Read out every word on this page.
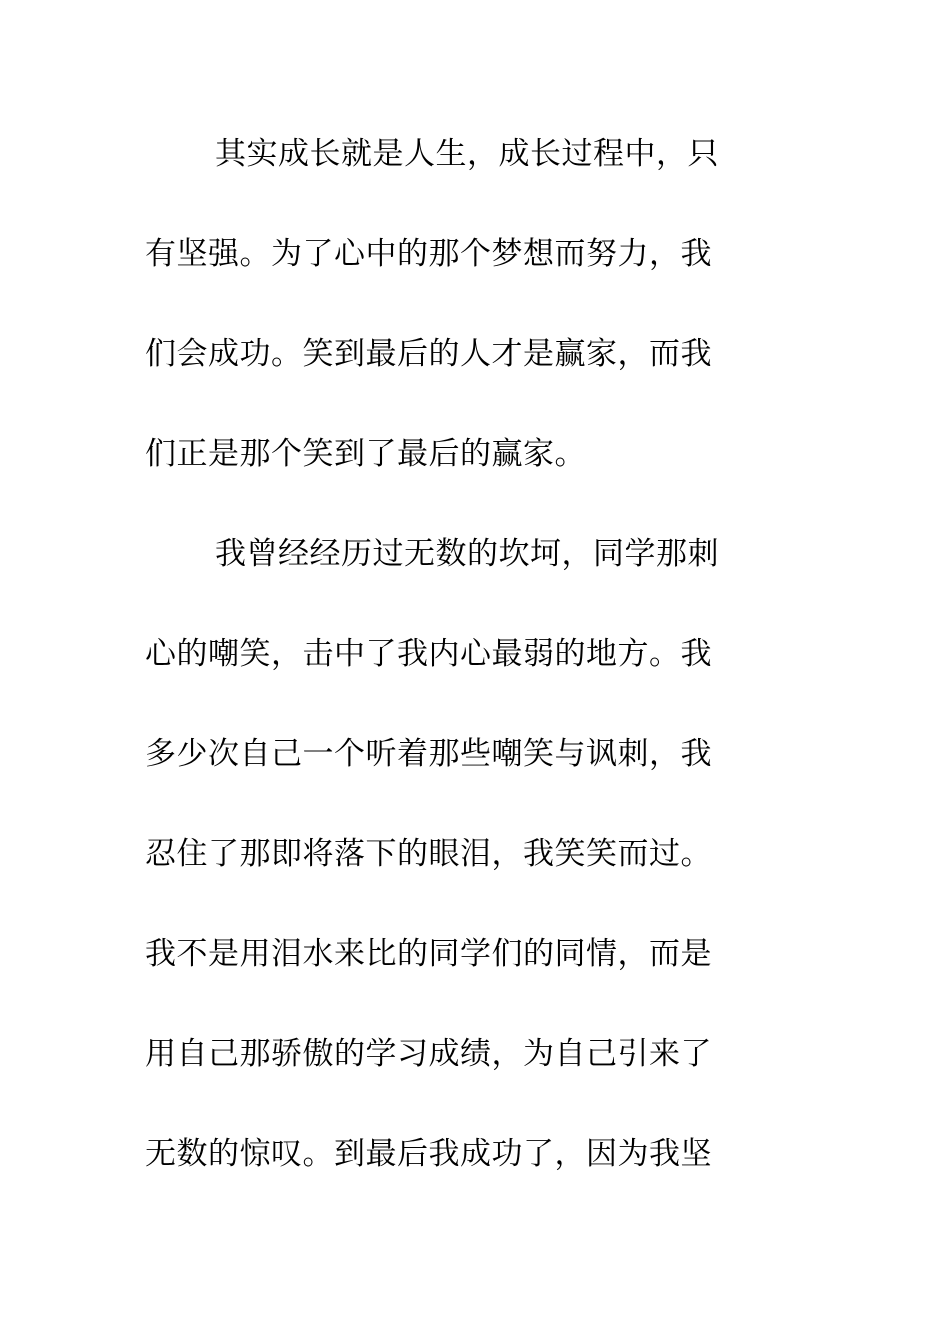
其实成长就是人生，成长过程中，只
有坚强。为了心中的那个梦想而努力，我
们会成功。笑到最后的人才是赢家，而我
们正是那个笑到了最后的赢家。
我曾经经历过无数的坎坷，同学那刺
心的嘲笑，击中了我内心最弱的地方。我
多少次自己一个听着那些嘲笑与讽刺，我
忍住了那即将落下的眼泪，我笑笑而过。
我不是用泪水来比的同学们的同情，而是
用自己那骄傲的学习成绩，为自己引来了
无数的惊叹。到最后我成功了，因为我坚
